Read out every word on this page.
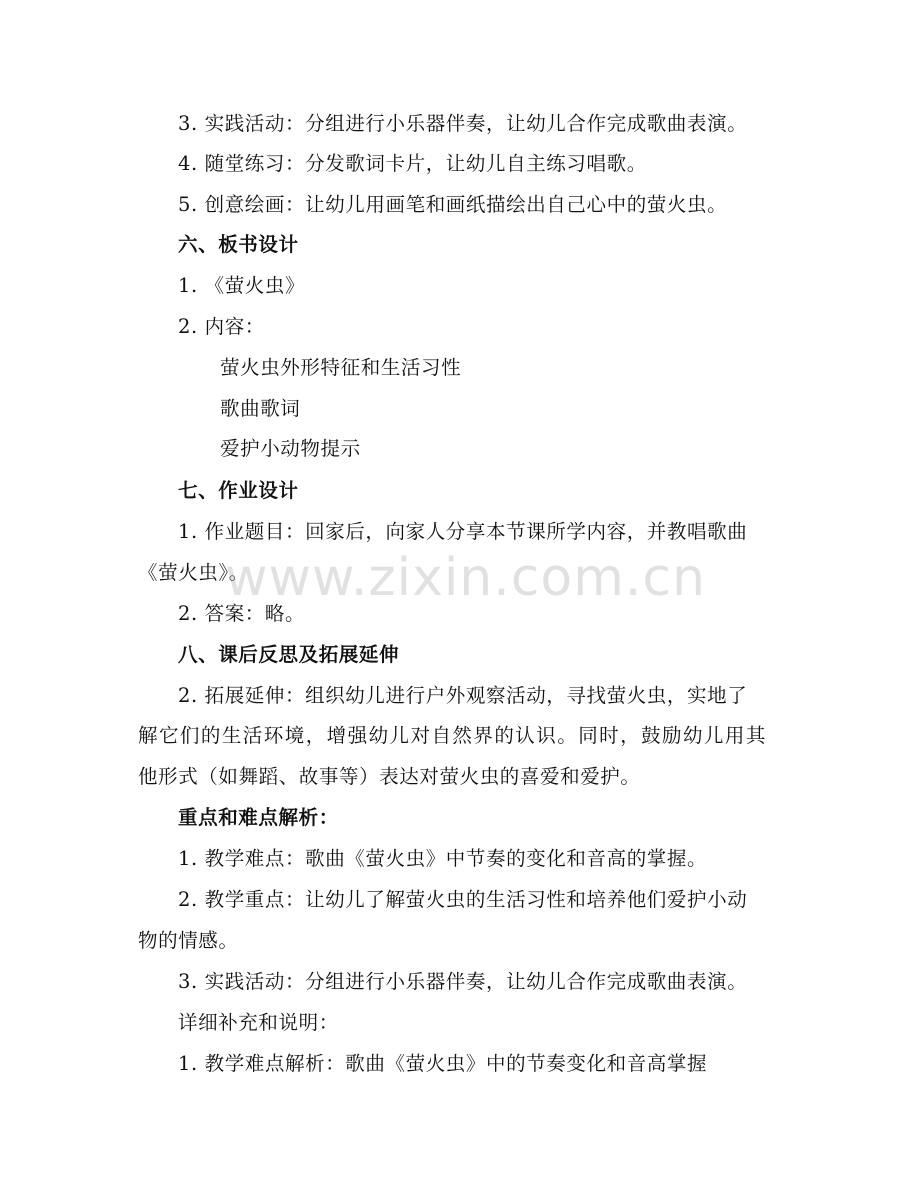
3. 实践活动：分组进行小乐器伴奏，让幼儿合作完成歌曲表演。
4. 随堂练习：分发歌词卡片，让幼儿自主练习唱歌。
5. 创意绘画：让幼儿用画笔和画纸描绘出自己心中的萤火虫。
六、板书设计
1. 《萤火虫》
2. 内容：
萤火虫外形特征和生活习性
歌曲歌词
爱护小动物提示
七、作业设计
1. 作业题目：回家后，向家人分享本节课所学内容，并教唱歌曲
《萤火虫》。
2. 答案：略。
八、课后反思及拓展延伸
2. 拓展延伸：组织幼儿进行户外观察活动，寻找萤火虫，实地了
解它们的生活环境，增强幼儿对自然界的认识。同时，鼓励幼儿用其
他形式（如舞蹈、故事等）表达对萤火虫的喜爱和爱护。
重点和难点解析：
1. 教学难点：歌曲《萤火虫》中节奏的变化和音高的掌握。
2. 教学重点：让幼儿了解萤火虫的生活习性和培养他们爱护小动
物的情感。
3. 实践活动：分组进行小乐器伴奏，让幼儿合作完成歌曲表演。
详细补充和说明：
1. 教学难点解析：歌曲《萤火虫》中的节奏变化和音高掌握
www.zixin.com.cn
